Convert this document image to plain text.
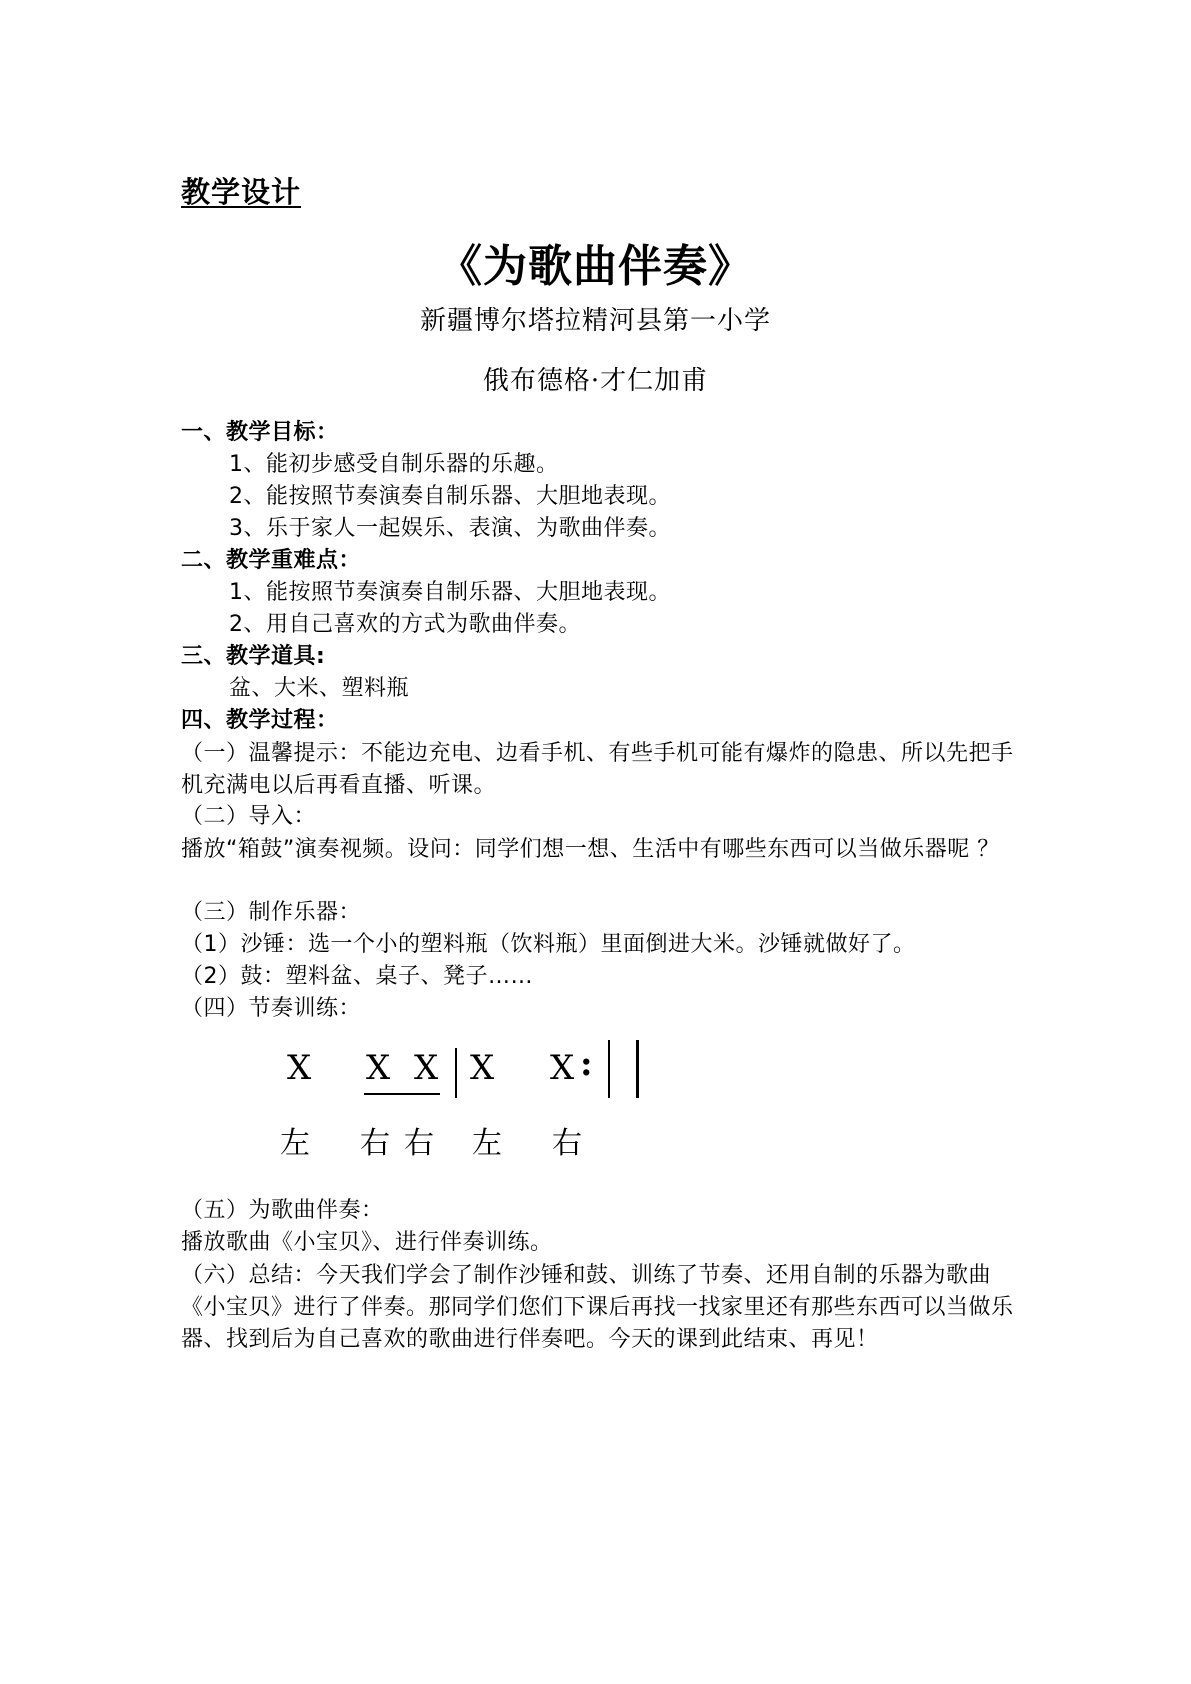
教学设计
《为歌曲伴奏》
新疆博尔塔拉精河县第一小学
俄布德格·才仁加甫
一、教学目标：
1、能初步感受自制乐器的乐趣。
2、能按照节奏演奏自制乐器、大胆地表现。
3、乐于家人一起娱乐、表演、为歌曲伴奏。
二、教学重难点：
1、能按照节奏演奏自制乐器、大胆地表现。
2、用自己喜欢的方式为歌曲伴奏。
三、教学道具:
盆、大米、塑料瓶
四、教学过程：
（一）温馨提示：不能边充电、边看手机、有些手机可能有爆炸的隐患、所以先把手机充满电以后再看直播、听课。
（二）导入：
播放“箱鼓”演奏视频。设问：同学们想一想、生活中有哪些东西可以当做乐器呢 ？
（三）制作乐器：
（1）沙锤：选一个小的塑料瓶（饮料瓶）里面倒进大米。沙锤就做好了。
（2）鼓：塑料盆、桌子、凳子……
（四）节奏训练：
X X X X X :
左 右 右 左 右
（五）为歌曲伴奏：
播放歌曲《小宝贝》、进行伴奏训练。
（六）总结：今天我们学会了制作沙锤和鼓、训练了节奏、还用自制的乐器为歌曲《小宝贝》进行了伴奏。那同学们您们下课后再找一找家里还有那些东西可以当做乐器、找到后为自己喜欢的歌曲进行伴奏吧。今天的课到此结束、再见！
